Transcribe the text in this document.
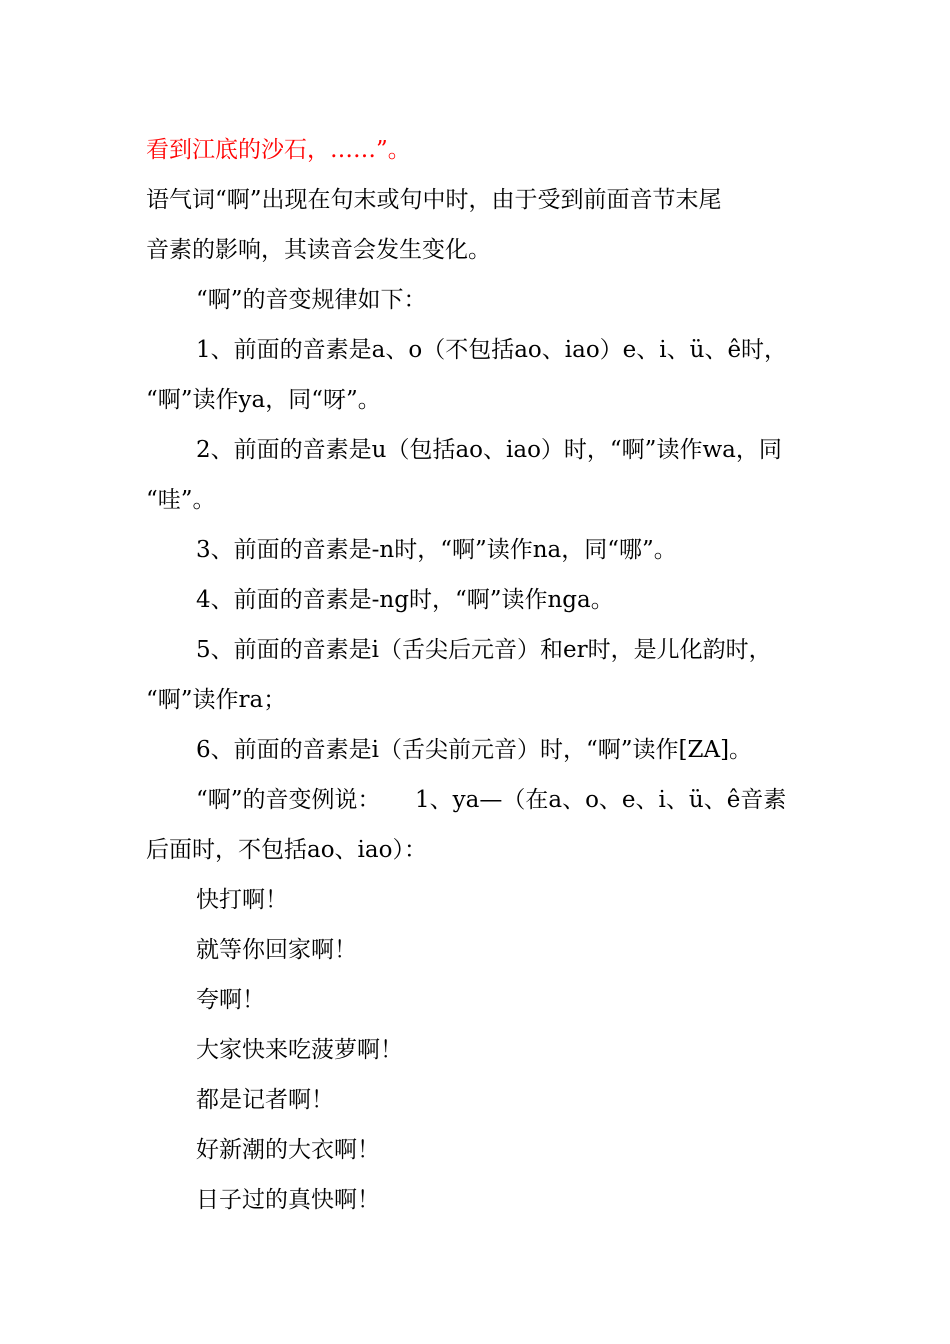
看到江底的沙石，……”。
语气词“啊”出现在句末或句中时，由于受到前面音节末尾
音素的影响，其读音会发生变化。
“啊”的音变规律如下：
1、前面的音素是a、o（不包括ao、iao）e、i、ü、ê时，
“啊”读作ya，同“呀”。
2、前面的音素是u（包括ao、iao）时，“啊”读作wa，同
“哇”。
3、前面的音素是-n时，“啊”读作na，同“哪”。
4、前面的音素是-ng时，“啊”读作nga。
5、前面的音素是i（舌尖后元音）和er时，是儿化韵时，
“啊”读作ra；
6、前面的音素是i（舌尖前元音）时，“啊”读作[ZA]。
“啊”的音变例说：　　1、ya—（在a、o、e、i、ü、ê音素
后面时，不包括ao、iao）：
快打啊！
就等你回家啊！
夸啊！
大家快来吃菠萝啊！
都是记者啊！
好新潮的大衣啊！
日子过的真快啊！
